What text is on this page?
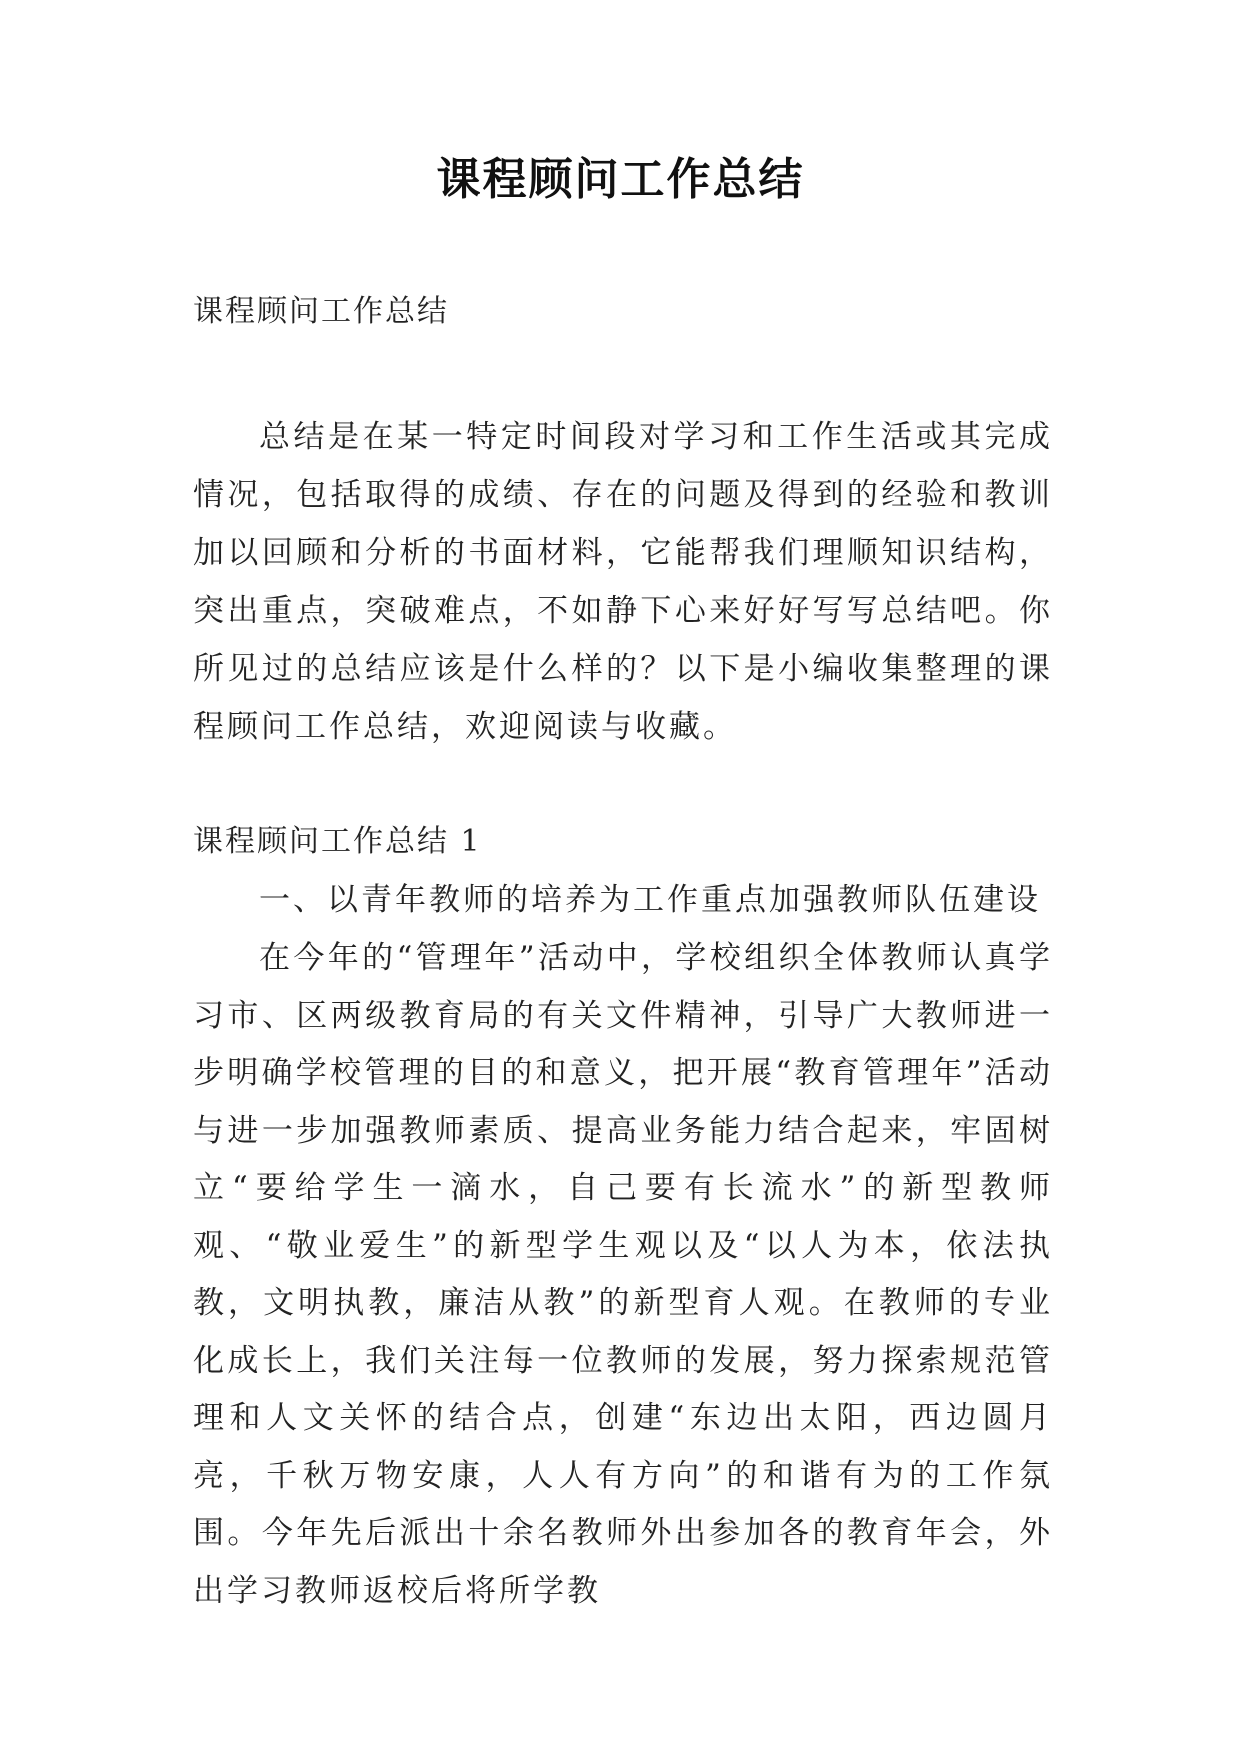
课程顾问工作总结
课程顾问工作总结

总结是在某一特定时间段对学习和工作生活或其完成情况，包括取得的成绩、存在的问题及得到的经验和教训加以回顾和分析的书面材料，它能帮我们理顺知识结构，突出重点，突破难点，不如静下心来好好写写总结吧。你所见过的总结应该是什么样的？以下是小编收集整理的课程顾问工作总结，欢迎阅读与收藏。

课程顾问工作总结 1
一、以青年教师的培养为工作重点加强教师队伍建设

在今年的“管理年”活动中，学校组织全体教师认真学习市、区两级教育局的有关文件精神，引导广大教师进一步明确学校管理的目的和意义，把开展“教育管理年”活动与进一步加强教师素质、提高业务能力结合起来，牢固树立“要给学生一滴水，自己要有长流水”的新型教师观、“敬业爱生”的新型学生观以及“以人为本，依法执教，文明执教，廉洁从教”的新型育人观。在教师的专业化成长上，我们关注每一位教师的发展，努力探索规范管理和人文关怀的结合点，创建“东边出太阳，西边圆月亮，千秋万物安康，人人有方向”的和谐有为的工作氛围。今年先后派出十余名教师外出参加各的教育年会，外出学习教师返校后将所学教
